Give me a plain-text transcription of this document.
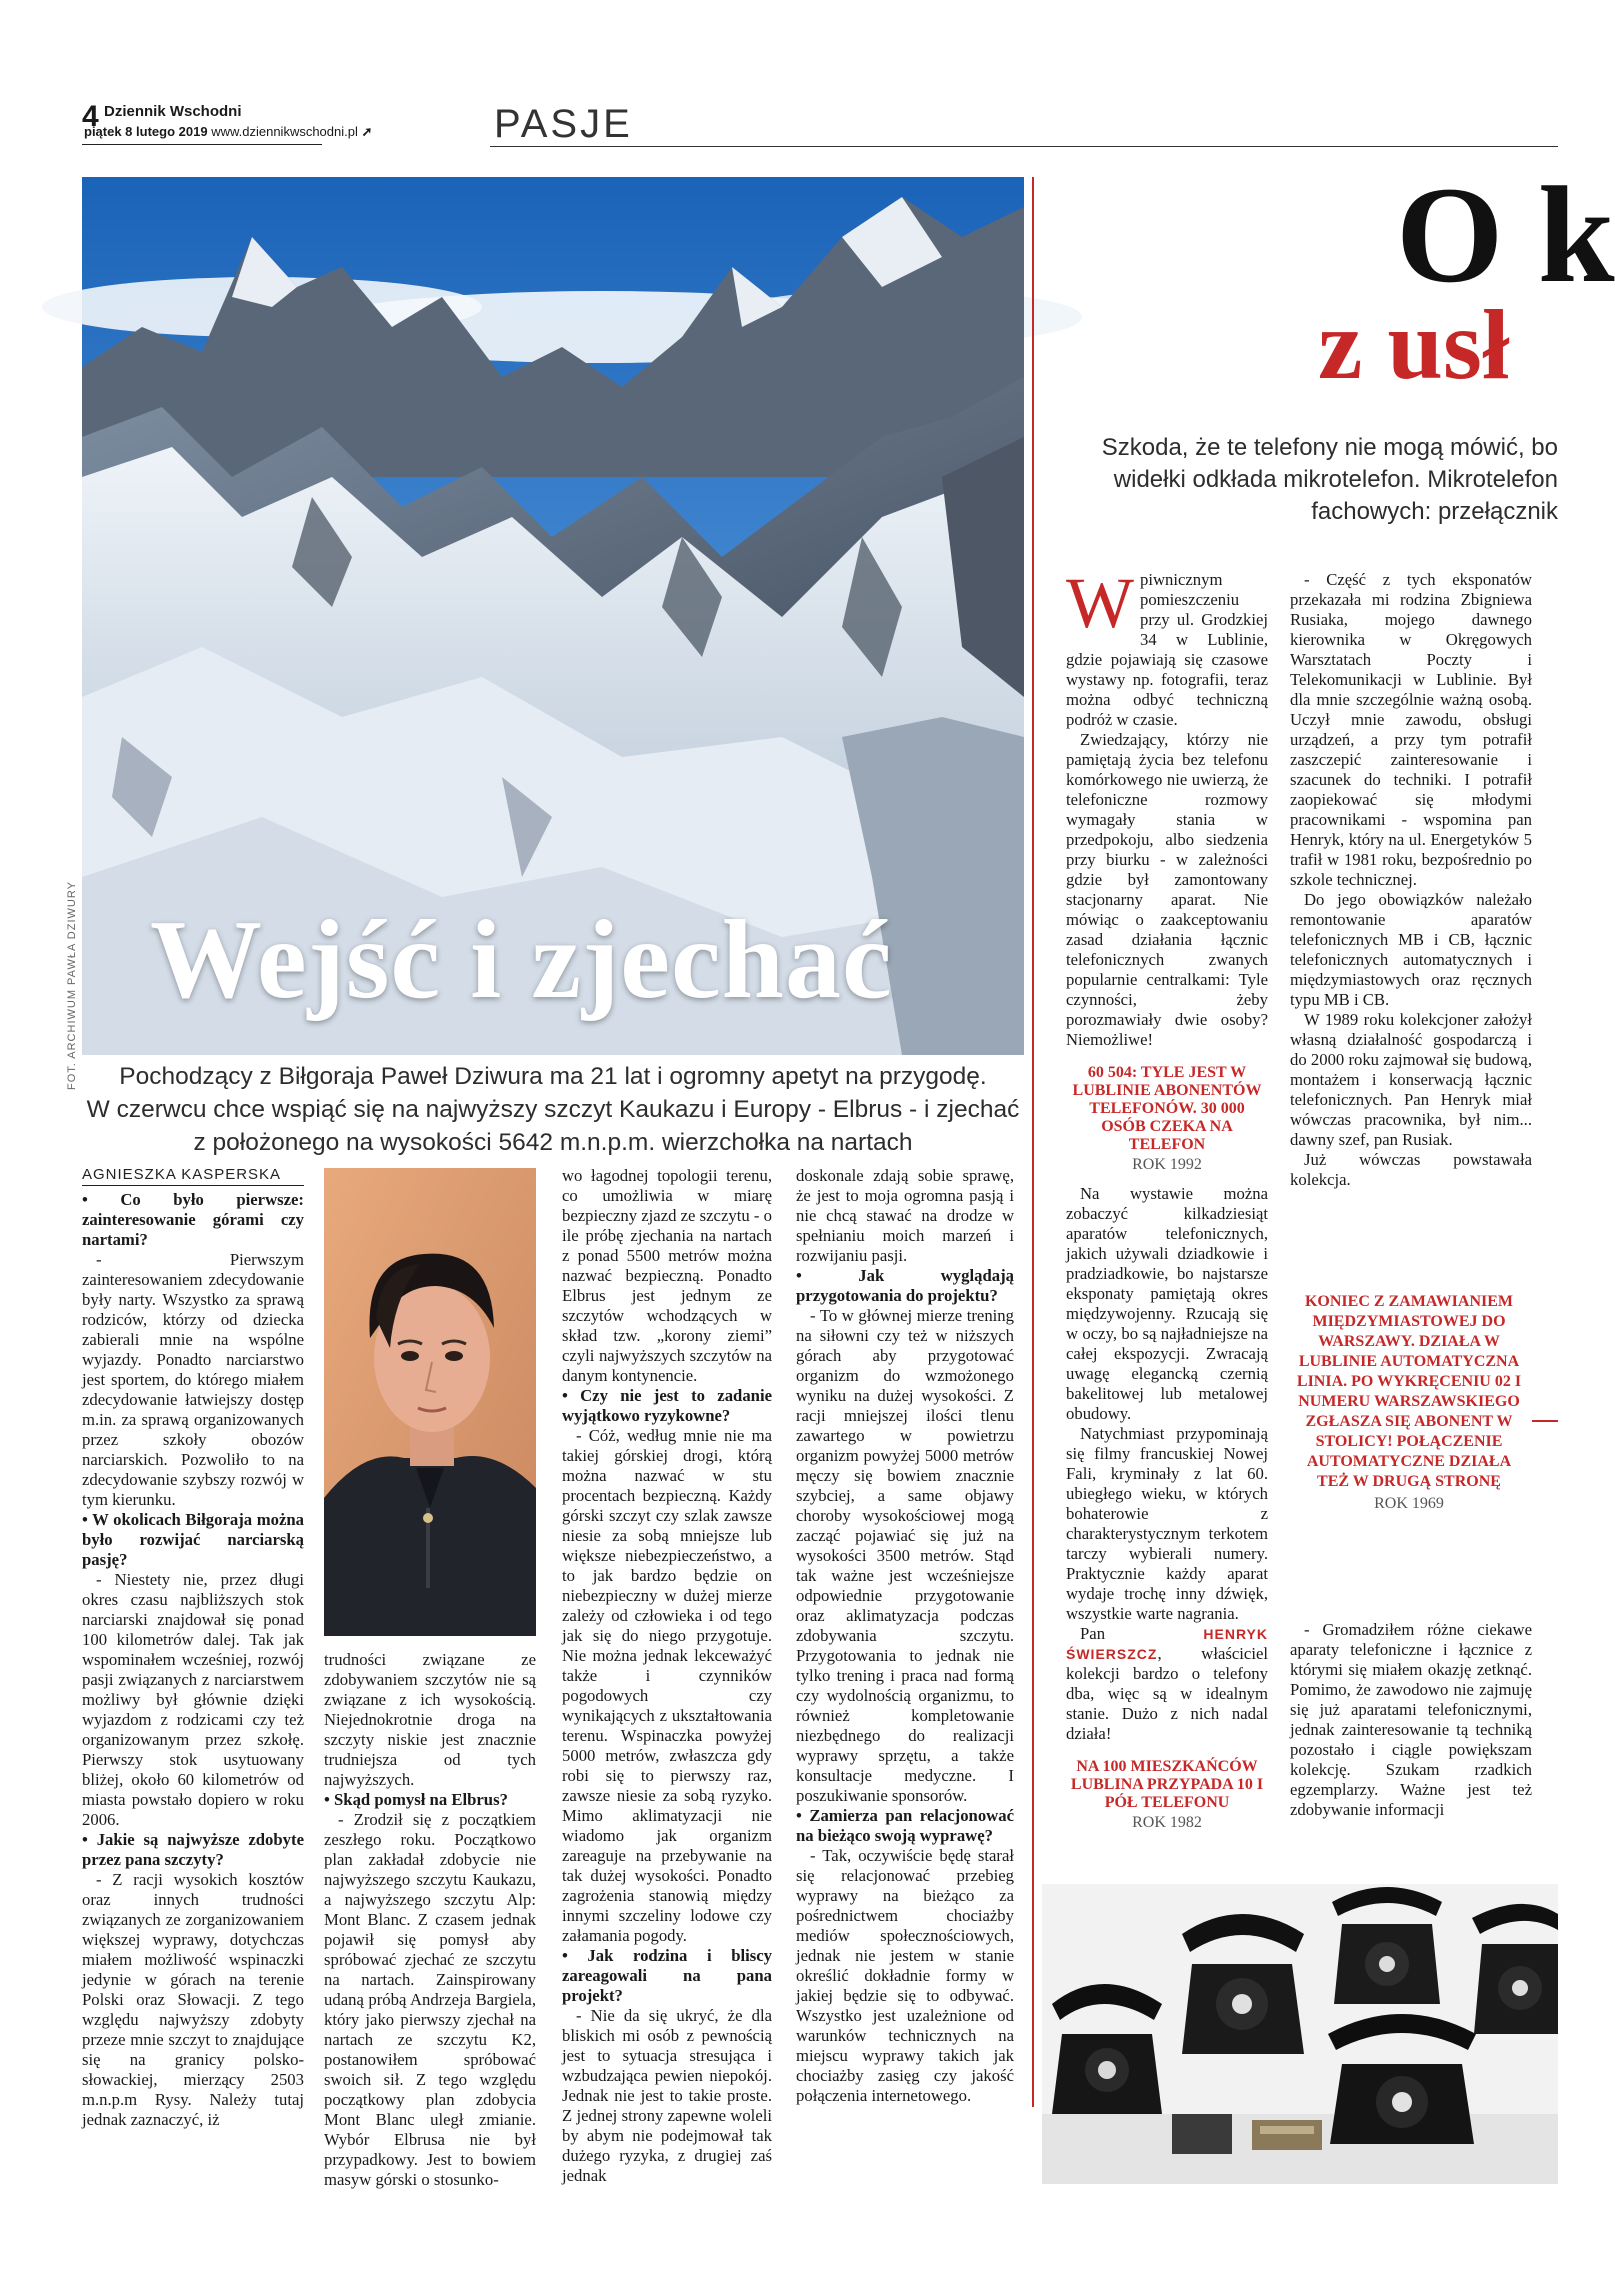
4 Dziennik Wschodni
piątek 8 lutego 2019 www.dziennikwschodni.pl ➚	PASJE
FOT. ARCHIWUM PAWŁA DZIWURY Wejść i zjechać
Pochodzący z Biłgoraja Paweł Dziwura ma 21 lat i ogromny apetyt na przygodę.
W czerwcu chce wspiąć się na najwyższy szczyt Kaukazu i Europy - Elbrus - i zjechać
z położonego na wysokości 5642 m.n.p.m. wierzchołka na nartach
AGNIESZKA KASPERSKA

• Co było pierwsze: zainteresowanie górami czy nartami?

- Pierwszym zainteresowaniem zdecydowanie były narty. Wszystko za sprawą rodziców, którzy od dziecka zabierali mnie na wspólne wyjazdy. Ponadto narciarstwo jest sportem, do którego miałem zdecydowanie łatwiejszy dostęp m.in. za sprawą organizowanych przez szkoły obozów narciarskich. Pozwoliło to na zdecydowanie szybszy rozwój w tym kierunku.

• W okolicach Biłgoraja można było rozwijać narciarską pasję?

- Niestety nie, przez długi okres czasu najbliższych stok narciarski znajdował się ponad 100 kilometrów dalej. Tak jak wspominałem wcześniej, rozwój pasji związanych z narciarstwem możliwy był głównie dzięki wyjazdom z rodzicami czy też organizowanym przez szkołę. Pierwszy stok usytuowany bliżej, około 60 kilometrów od miasta powstało dopiero w roku 2006.

• Jakie są najwyższe zdobyte przez pana szczyty?

- Z racji wysokich kosztów oraz innych trudności związanych ze zorganizowaniem większej wyprawy, dotychczas miałem możliwość wspinaczki jedynie w górach na terenie Polski oraz Słowacji. Z tego względu najwyższy zdobyty przeze mnie szczyt to znajdujące się na granicy polsko-słowackiej, mierzący 2503 m.n.p.m Rysy. Należy tutaj jednak zaznaczyć, iż

trudności związane ze zdobywaniem szczytów nie są związane z ich wysokością. Niejednokrotnie droga na szczyty niskie jest znacznie trudniejsza od tych najwyższych.

• Skąd pomysł na Elbrus?

- Zrodził się z początkiem zeszłego roku. Początkowo plan zakładał zdobycie nie najwyższego szczytu Kaukazu, a najwyższego szczytu Alp: Mont Blanc. Z czasem jednak pojawił się pomysł aby spróbować zjechać ze szczytu na nartach. Zainspirowany udaną próbą Andrzeja Bargiela, który jako pierwszy zjechał na nartach ze szczytu K2, postanowiłem spróbować swoich sił. Z tego względu początkowy plan zdobycia Mont Blanc uległ zmianie. Wybór Elbrusa nie był przypadkowy. Jest to bowiem masyw górski o stosunko-

wo łagodnej topologii terenu, co umożliwia w miarę bezpieczny zjazd ze szczytu - o ile próbę zjechania na nartach z ponad 5500 metrów można nazwać bezpieczną. Ponadto Elbrus jest jednym ze szczytów wchodzących w skład tzw. „korony ziemi” czyli najwyższych szczytów na danym kontynencie.

• Czy nie jest to zadanie wyjątkowo ryzykowne?

- Cóż, według mnie nie ma takiej górskiej drogi, którą można nazwać w stu procentach bezpieczną. Każdy górski szczyt czy szlak zawsze niesie za sobą mniejsze lub większe niebezpieczeństwo, a to jak bardzo będzie on niebezpieczny w dużej mierze zależy od człowieka i od tego jak się do niego przygotuje. Nie można jednak lekceważyć także i czynników pogodowych czy wynikających z ukształtowania terenu. Wspinaczka powyżej 5000 metrów, zwłaszcza gdy robi się to pierwszy raz, zawsze niesie za sobą ryzyko. Mimo aklimatyzacji nie wiadomo jak organizm zareaguje na przebywanie na tak dużej wysokości. Ponadto zagrożenia stanowią między innymi szczeliny lodowe czy załamania pogody.

• Jak rodzina i bliscy zareagowali na pana projekt?

- Nie da się ukryć, że dla bliskich mi osób z pewnością jest to sytuacja stresująca i wzbudzająca pewien niepokój. Jednak nie jest to takie proste. Z jednej strony zapewne woleli by abym nie podejmował tak dużego ryzyka, z drugiej zaś jednak

doskonale zdają sobie sprawę, że jest to moja ogromna pasją i nie chcą stawać na drodze w spełnianiu moich marzeń i rozwijaniu pasji.

• Jak wyglądają przygotowania do projektu?

- To w głównej mierze trening na siłowni czy też w niższych górach aby przygotować organizm do wzmożonego wyniku na dużej wysokości. Z racji mniejszej ilości tlenu zawartego w powietrzu organizm powyżej 5000 metrów męczy się bowiem znacznie szybciej, a same objawy choroby wysokościowej mogą zacząć pojawiać się już na wysokości 3500 metrów. Stąd tak ważne jest wcześniejsze odpowiednie przygotowanie oraz aklimatyzacja podczas zdobywania szczytu. Przygotowania to jednak nie tylko trening i praca nad formą czy wydolnością organizmu, to również kompletowanie niezbędnego do realizacji wyprawy sprzętu, a także konsultacje medyczne. I poszukiwanie sponsorów.

• Zamierza pan relacjonować na bieżąco swoją wyprawę?

- Tak, oczywiście będę starał się relacjonować przebieg wyprawy na bieżąco za pośrednictwem chociażby mediów społecznościowych, jednak nie jestem w stanie określić dokładnie formy w jakiej będzie się to odbywać. Wszystko jest uzależnione od warunków technicznych na miejscu wyprawy takich jak chociażby zasięg czy jakość połączenia internetowego.

O k
z usł
Szkoda, że te telefony nie mogą mówić, bo
widełki odkłada mikrotelefon. Mikrotelefon
fachowych: przełącznik

Wpiwnicznym pomieszczeniu przy ul. Grodzkiej 34 w Lublinie, gdzie pojawiają się czasowe wystawy np. fotografii, teraz można odbyć techniczną podróż w czasie.

Zwiedzający, którzy nie pamiętają życia bez telefonu komórkowego nie uwierzą, że telefoniczne rozmowy wymagały stania w przedpokoju, albo siedzenia przy biurku - w zależności gdzie był zamontowany stacjonarny aparat. Nie mówiąc o zaakceptowaniu zasad działania łącznic telefonicznych zwanych popularnie centralkami: Tyle czynności, żeby porozmawiały dwie osoby? Niemożliwe!

60 504: TYLE JEST W LUBLINIE ABONENTÓW TELEFONÓW. 30 000 OSÓB CZEKA NA TELEFON
ROK 1992

Na wystawie można zobaczyć kilkadziesiąt aparatów telefonicznych, jakich używali dziadkowie i pradziadkowie, bo najstarsze eksponaty pamiętają okres międzywojenny. Rzucają się w oczy, bo są najładniejsze na całej ekspozycji. Zwracają uwagę elegancką czernią bakelitowej lub metalowej obudowy.

Natychmiast przypominają się filmy francuskiej Nowej Fali, kryminały z lat 60. ubiegłego wieku, w których bohaterowie z charakterystycznym terkotem tarczy wybierali numery. Praktycznie każdy aparat wydaje trochę inny dźwięk, wszystkie warte nagrania.

Pan	HENRYK ŚWIERSZCZ, właściciel kolekcji bardzo o telefony dba, więc są w idealnym stanie. Dużo z nich nadal działa!

NA 100 MIESZKAŃCÓW LUBLINA PRZYPADA 10 I PÓŁ TELEFONU
ROK 1982

- Część z tych eksponatów przekazała mi rodzina Zbigniewa Rusiaka, mojego dawnego kierownika w Okręgowych Warsztatach Poczty i Telekomunikacji w Lublinie. Był dla mnie szczególnie ważną osobą. Uczył mnie zawodu, obsługi urządzeń, a przy tym potrafił zaszczepić zainteresowanie i szacunek do techniki. I potrafił zaopiekować się młodymi pracownikami - wspomina pan Henryk, który na ul. Energetyków 5 trafił w 1981 roku, bezpośrednio po szkole technicznej.

Do jego obowiązków należało remontowanie aparatów telefonicznych MB i CB, łącznic telefonicznych automatycznych i międzymiastowych oraz ręcznych typu MB i CB.

W 1989 roku kolekcjoner założył własną działalność gospodarczą i do 2000 roku zajmował się budową, montażem i konserwacją łącznic telefonicznych. Pan Henryk miał wówczas pracownika, był nim... dawny szef, pan Rusiak.

Już wówczas powstawała kolekcja.

KONIEC Z ZAMAWIANIEM MIĘDZYMIASTOWEJ DO WARSZAWY. DZIAŁA W LUBLINIE AUTOMATYCZNA LINIA. PO WYKRĘCENIU 02 I NUMERU WARSZAWSKIEGO ZGŁASZA SIĘ ABONENT W STOLICY! POŁĄCZENIE AUTOMATYCZNE DZIAŁA TEŻ W DRUGĄ STRONĘ
ROK 1969

- Gromadziłem różne ciekawe aparaty telefoniczne i łącznice z którymi się miałem okazję zetknąć. Pomimo, że zawodowo nie zajmuję się już aparatami telefonicznymi, jednak zainteresowanie tą techniką pozostało i ciągle powiększam kolekcję. Szukam rzadkich egzemplarzy. Ważne jest też zdobywanie informacji
